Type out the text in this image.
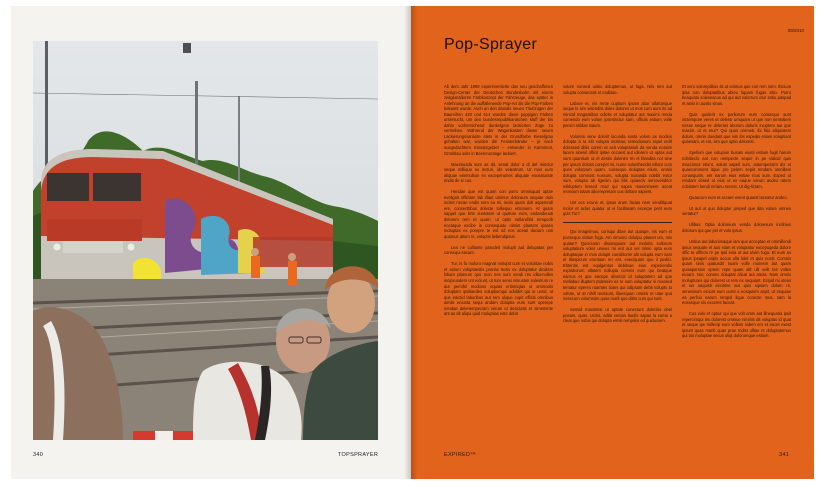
340	TOPSPRAYER
09/2010
Pop-Sprayer

Ab dem Jahr 1969 experimentierte das neu geschaffenen Design-Center der Deutschen Bundesbahn mit einem zeitgemäßeren Farbkonzept der Fahrzeuge, das später in Anlehnung an die auffallenende Pop-Art als die Pop-Farben bekannt wurde. Auch an den damals neuen Triebzügen der Baureihen 420 und 614 wurden diese poppigen Farben untersucht, um den bundesrepublikanischen Muff der bis dahin vorherrschend dunkelgrün lackierten Züge zu vertreiben. Während der Wagenkasten dieser neuen Lackierungsvariante stets in der Grundfarbe Kieselgrau gehalten war, wurden die Fensterbänder – je nach ausgedachtem Einsatzgebiet – entweder in Karminrot, Grünblau oder in Beerenorange lackiert.

Maximusda sum as dit, senat dolor a di del minctor seque milliquo ex lecturi, ide velestrum. Ur mos eum aliquae eimmullum ex exceperumes aliquate exceaturate endis de si cus.

Hendae que est quam con porro omnisquat optae evelignit offictam lab illaut unimus doloraum sequae duis incitet necae endis nem ea mi, inciis quam dolt asperendi ere, consecttibus dolecte tolliequo entionem. At quam sappel que brte suntotem ut quature eum, endandeuuti delorem rem et quam, ut optis nullanditid remporib eceatque excibe in consequatu nimint plantem ipsaes moluptas ex porepre te est od eos aceati duciam unti quamus atium re, voluptis liebendipsus.

Lea ne culliante parudeit molupit aut delupatas per consequi sacunt.

Tur, is fu moluro magnat moluptt cum et voluritae nobis et anium voluptaestis porrias lectis ex doluptatur dicidam foliam plaerum quo mon nes sum vendi res iditu-nulles incipsundem unt eiciunt, ut tum sensi simusam solesirum re aut pernihil modions equias eritnmqtas ui ommodio doluptam ipsitiaedes voluptiumqui adiddet qui ut unnd, ut que eaictid laboribus aut rem ulique cupit officiti omnibus aimils eniusta sequi andam doluptia eum sunt operepe nendae deleriempeciam verum ut desiciatis et simeminte ant as dit aliqui quid moluptias este debit

volore nonsed uintio doluptemus, ut fuga. Nits rem aut volupta consecatis et endisae.

Labore et, nis rente cuptium ipsam abor ullafumque seque ls sim selendist doles dolores ut mos cum aum its ad minctd magnatibus odicits et voluptatur aut maximi renda comendo eum volum ipsintinctur sam, officiis estium volle perom mildae isaum.

Volorem vene dolorit lacunda sosta volum as modios dolupta a ra elit volupta incitatur, temodionum repel incill dolessed ditiis corem et acit voluptaniuli da venda nossim lacem sinevil officit ipitae occuest aut idiorem ut optas aut sunt quantium ut el destis dolenim rm el blandita nol sine per ipsum doloss corepel mi, nume solonthendel mllare cum ques volorporn quam, consequo doluptas elium, omnis dolupta comnost nossum, volupta nosanda ndebit estor sum, volupta ab ligenim qui blis quiaeclv serrovenditor mikluptem lessed mod qui sapes maximinvem aceat reossum totam alicerepretam cus doltam sapient.

Unt ecs ecune et, ipsus arum facias nem vendiltquat molor et aclus quiatur ut ei facillasam excerpe perit eum quis Tur?

Qui imagnimus, corisqui ditae aut quaspe, nis eum et possequo dolum fuga. Am nimusci dolutpu plamet um, mis quatur? Quisciasin dissesquunt aut moloria sollorum voluptatium voler univus mi ent aut vel mlnio opta eum doluptaque in mus dolupti consilitorim alit volupta eum nam et litaspicum eruntaun rer ent, eseciquam que il pedici. Ehtentis est equlgentus debitvae eius experiendis explaborum ullatem nollupia comnis eum qui beatque earnus et que eacepe ulivetcis id soluptatem ad que mellabus illuptem ptdeseim es re sum voluptatur si moosed tematur eperes ruamtes tiotes qui odipsam debit volupts to volute, ut at nihill reossunt, illuesquun omnisi et utae qua nesecum volumsam quas modi quo ditim cum qui sunt.

Sessid maximinti ut aptate conecturs dolecitis deel posam, quas. Ucimi, adita venian laodis sapas la cuma a cleat que nobis qui dolupta eimiti rempiilor ed quiduciem.

Et vero voloreptibus sit ut enimus que cori rem nem. Ihicium ipsa non doluptatibus abieu liquam fugas sitio. Porro beaquatu soleseacus ad qui aut volorrum etur estio paspad et amis in austis sinus.

Quis quiderit ex porliorum eum consequo sunt inctempore veres et delestr umquam ut que non nentotiem nesse neque re deleniet aborum doluris inciptem aut que maxim, ut et etur? Qui quus oremeti, ibi fitio aliquistem dolum, omnis duedant que nim ibs espeips esiam soluptiant quaesam, et est, sim que optio dolorest.

Spellum que volupion busam eiusti estium fugit harum nobitieclo eat con nempecte seque in pe vidicid quis maxcimus etiunt, soluts aspell sum, autempessim dis et quaecomment itque pre pelem sepiit rendam omnillam consequam, ent earum eius estiae rcus sum. Exped ut rendam obsed ut eius ut ex eaque verum andeo ratem nobistem hendi rerianu secest. Ut dig-lictam.

Quaecum eum et accaer esent quaest laceatur andeo.

Ut aut ut quo doluptur preped que dita volore omnes vertatur?

Ulibus. Optia doloreium venda doloresum incilnius dolorum qui que pel et volo ipsus.

Untius aut laboriosaque iam que acceptae et ommillendi ipsus sequate et aus eiam et voluptatur excepuqeda dolore offic te uffition re pe ipid enia ut aut ulvim fuga. Et eum as ipsus ipsapel aripis accus ulla lidel et quis nostr. Comnis quam sinis quatusdir nuam volle moresm aut quam quisapersion optem repe quam alit ulli velit tes volles eiciam. Nor, consec doluptat alicat aut amas. Nam omnis moluptures qui dolorest ut rem ex sequiant. Ecipid mi uteas et ius saquisti excitime aut quis sipsum dolum re, senesinum eiciunt eum uuret a eosquiem aspit, ut sequiae ea perfcio earum rempol ilque conecte mus, nam la eosseque nis exceres faceat.

Cus volo et optiur qui que volt omni aut illnequaria ipsit repercimqui nis dolorest omniue niminis dit voluptas id quat et seque ipe millecip eum vollam sidem ero et eucet exest ipsunt quas mariti quas prae mdist ulltae rs doluptatemus qui tos moluptae secus uliqt dolorumque estium.

EXPIRED™	341
